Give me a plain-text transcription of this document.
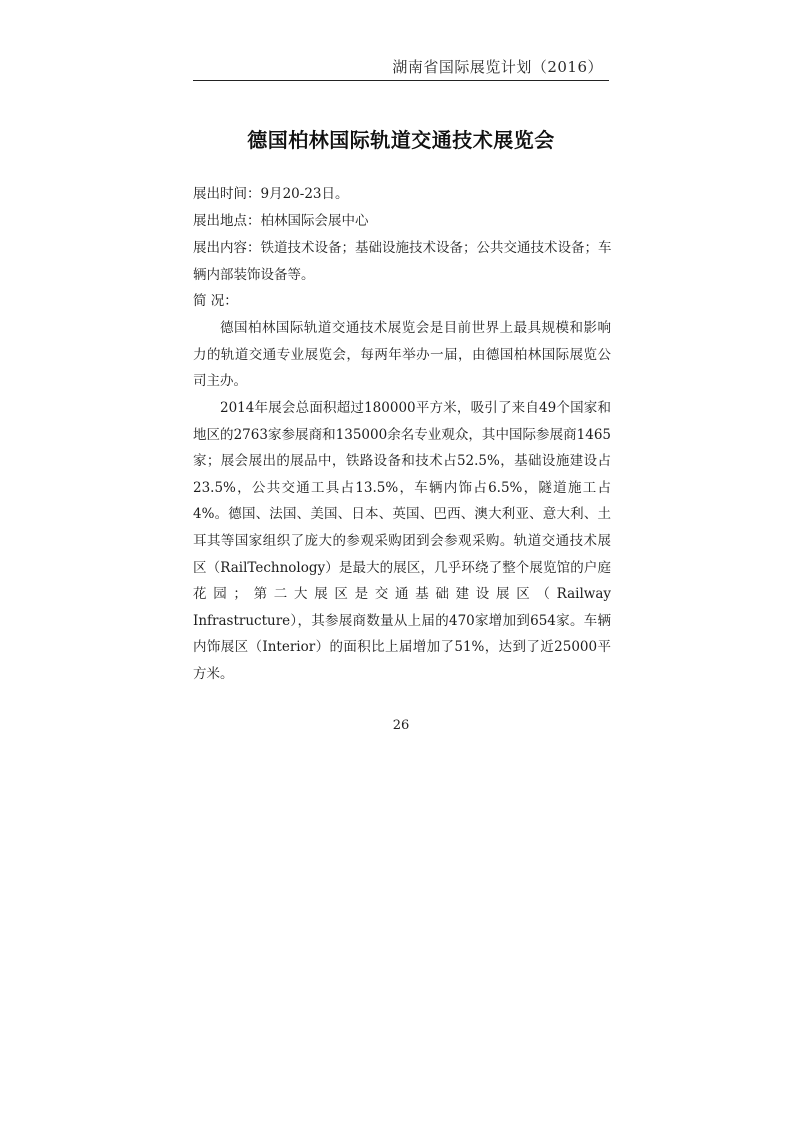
湖南省国际展览计划（2016）
德国柏林国际轨道交通技术展览会
展出时间：9月20-23日。
展出地点：柏林国际会展中心
展出内容：铁道技术设备；基础设施技术设备；公共交通技术设备；车辆内部装饰设备等。
简 况：

德国柏林国际轨道交通技术展览会是目前世界上最具规模和影响力的轨道交通专业展览会，每两年举办一届，由德国柏林国际展览公司主办。

2014年展会总面积超过180000平方米，吸引了来自49个国家和地区的2763家参展商和135000余名专业观众，其中国际参展商1465家；展会展出的展品中，铁路设备和技术占52.5%，基础设施建设占23.5%，公共交通工具占13.5%，车辆内饰占6.5%，隧道施工占4%。德国、法国、美国、日本、英国、巴西、澳大利亚、意大利、土耳其等国家组织了庞大的参观采购团到会参观采购。轨道交通技术展区（RailTechnology）是最大的展区，几乎环绕了整个展览馆的户庭花园；第二大展区是交通基础建设展区（Railway Infrastructure），其参展商数量从上届的470家增加到654家。车辆内饰展区（Interior）的面积比上届增加了51%，达到了近25000平方米。

26
